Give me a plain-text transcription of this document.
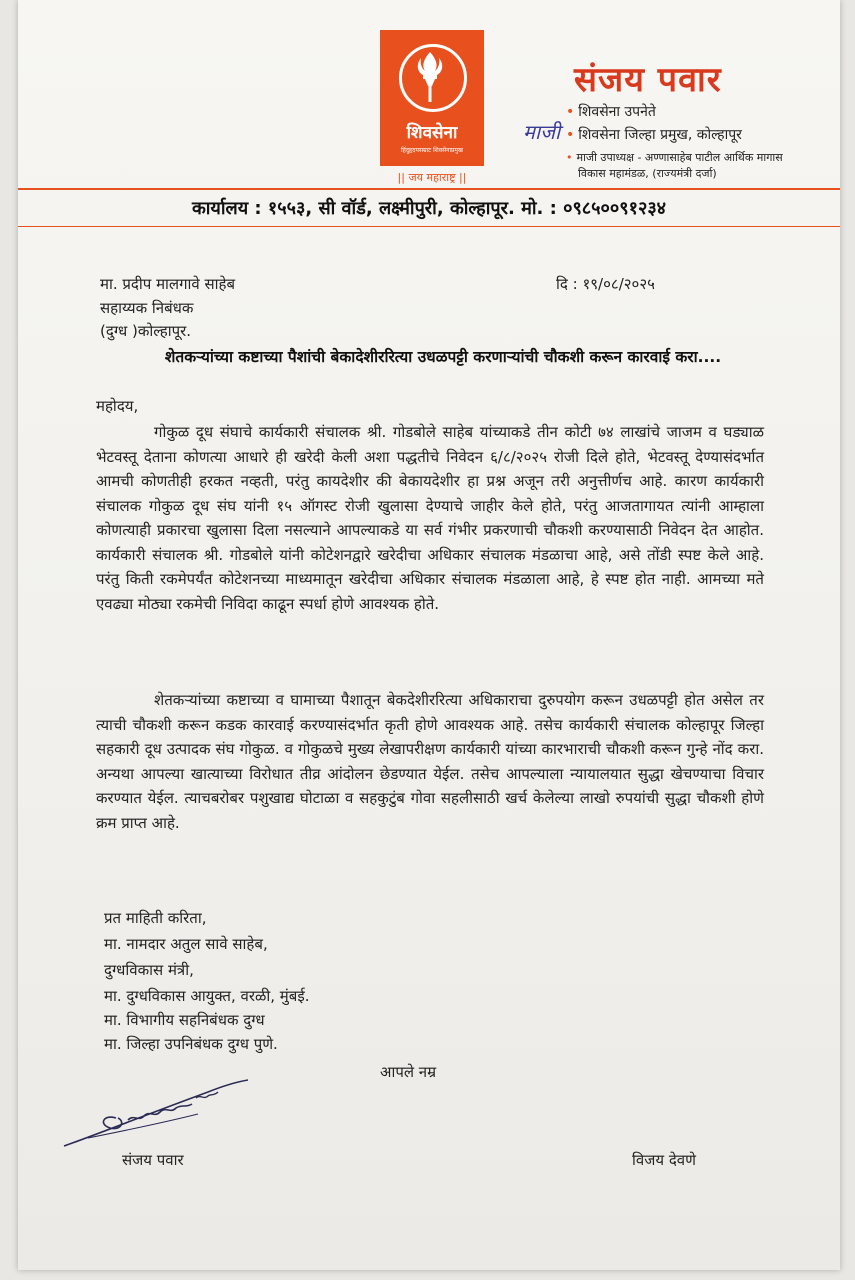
शिवसेना
हिंदुहृदयसम्राट शिवसेनाप्रमुख
|| जय महाराष्ट्र ||
संजय पवार
• शिवसेना उपनेते
माजी • शिवसेना जिल्हा प्रमुख, कोल्हापूर
• माजी उपाध्यक्ष - अण्णासाहेब पाटील आर्थिक मागास
विकास महामंडळ, (राज्यमंत्री दर्जा)
कार्यालय : १५५३, सी वॉर्ड, लक्ष्मीपुरी, कोल्हापूर. मो. : ०९८५००९१२३४
मा. प्रदीप मालगावे साहेब
सहाय्यक निबंधक
(दुग्ध )कोल्हापूर.
दि : १९/०८/२०२५
शेतकऱ्यांच्या कष्टाच्या पैशांची बेकादेशीररित्या उधळपट्टी करणाऱ्यांची चौकशी करून कारवाई करा....
महोदय,

गोकुळ दूध संघाचे कार्यकारी संचालक श्री. गोडबोले साहेब यांच्याकडे तीन कोटी ७४ लाखांचे जाजम व घड्याळ भेटवस्तू देताना कोणत्या आधारे ही खरेदी केली अशा पद्धतीचे निवेदन ६/८/२०२५ रोजी दिले होते, भेटवस्तू देण्यासंदर्भात आमची कोणतीही हरकत नव्हती, परंतु कायदेशीर की बेकायदेशीर हा प्रश्न अजून तरी अनुत्तीर्णच आहे. कारण कार्यकारी संचालक गोकुळ दूध संघ यांनी १५ ऑगस्ट रोजी खुलासा देण्याचे जाहीर केले होते, परंतु आजतागायत त्यांनी आम्हाला कोणत्याही प्रकारचा खुलासा दिला नसल्याने आपल्याकडे या सर्व गंभीर प्रकरणाची चौकशी करण्यासाठी निवेदन देत आहोत. कार्यकारी संचालक श्री. गोडबोले यांनी कोटेशनद्वारे खरेदीचा अधिकार संचालक मंडळाचा आहे, असे तोंडी स्पष्ट केले आहे. परंतु किती रकमेपर्यंत कोटेशनच्या माध्यमातून खरेदीचा अधिकार संचालक मंडळाला आहे, हे स्पष्ट होत नाही. आमच्या मते एवढ्या मोठ्या रकमेची निविदा काढून स्पर्धा होणे आवश्यक होते.

शेतकऱ्यांच्या कष्टाच्या व घामाच्या पैशातून बेकदेशीररित्या अधिकाराचा दुरुपयोग करून उधळपट्टी होत असेल तर त्याची चौकशी करून कडक कारवाई करण्यासंदर्भात कृती होणे आवश्यक आहे. तसेच कार्यकारी संचालक कोल्हापूर जिल्हा सहकारी दूध उत्पादक संघ गोकुळ. व गोकुळचे मुख्य लेखापरीक्षण कार्यकारी यांच्या कारभाराची चौकशी करून गुन्हे नोंद करा. अन्यथा आपल्या खात्याच्या विरोधात तीव्र आंदोलन छेडण्यात येईल. तसेच आपल्याला न्यायालयात सुद्धा खेचण्याचा विचार करण्यात येईल. त्याचबरोबर पशुखाद्य घोटाळा व सहकुटुंब गोवा सहलीसाठी खर्च केलेल्या लाखो रुपयांची सुद्धा चौकशी होणे क्रम प्राप्त आहे.

प्रत माहिती करिता,
मा. नामदार अतुल सावे साहेब,
दुग्धविकास मंत्री,
मा. दुग्धविकास आयुक्त, वरळी, मुंबई.
मा. विभागीय सहनिबंधक दुग्ध
मा. जिल्हा उपनिबंधक दुग्ध पुणे.
आपले नम्र
संजय पवार	विजय देवणे
